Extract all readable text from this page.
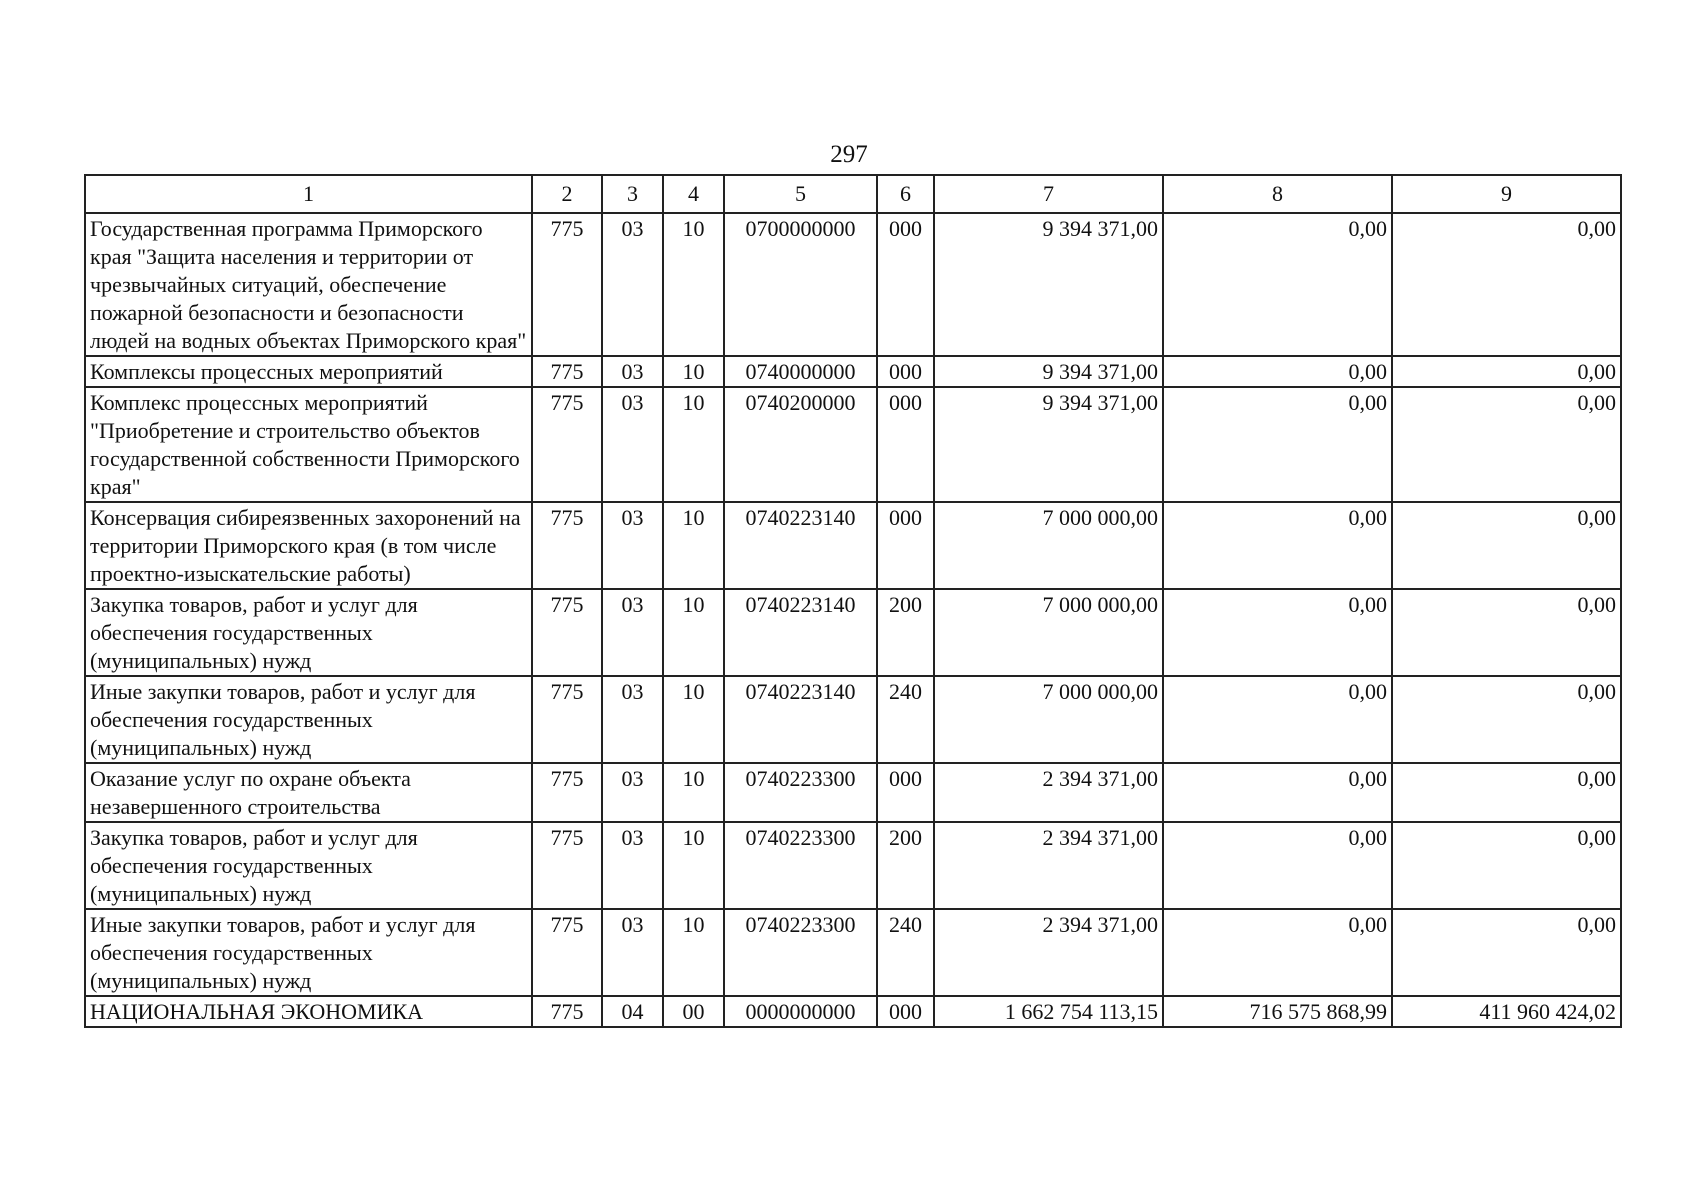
297
1	2	3	4	5	6	7	8	9
Государственная программа Приморского края "Защита населения и территории от чрезвычайных ситуаций, обеспечение пожарной безопасности и безопасности людей на водных объектах Приморского края"	775	03	10	0700000000	000	9 394 371,00	0,00	0,00
Комплексы процессных мероприятий	775	03	10	0740000000	000	9 394 371,00	0,00	0,00
Комплекс процессных мероприятий "Приобретение и строительство объектов государственной собственности Приморского края"	775	03	10	0740200000	000	9 394 371,00	0,00	0,00
Консервация сибиреязвенных захоронений на территории Приморского края (в том числе проектно-изыскательские работы)	775	03	10	0740223140	000	7 000 000,00	0,00	0,00
Закупка товаров, работ и услуг для обеспечения государственных (муниципальных) нужд	775	03	10	0740223140	200	7 000 000,00	0,00	0,00
Иные закупки товаров, работ и услуг для обеспечения государственных (муниципальных) нужд	775	03	10	0740223140	240	7 000 000,00	0,00	0,00
Оказание услуг по охране объекта незавершенного строительства	775	03	10	0740223300	000	2 394 371,00	0,00	0,00
Закупка товаров, работ и услуг для обеспечения государственных (муниципальных) нужд	775	03	10	0740223300	200	2 394 371,00	0,00	0,00
Иные закупки товаров, работ и услуг для обеспечения государственных (муниципальных) нужд	775	03	10	0740223300	240	2 394 371,00	0,00	0,00
НАЦИОНАЛЬНАЯ ЭКОНОМИКА	775	04	00	0000000000	000	1 662 754 113,15	716 575 868,99	411 960 424,02
